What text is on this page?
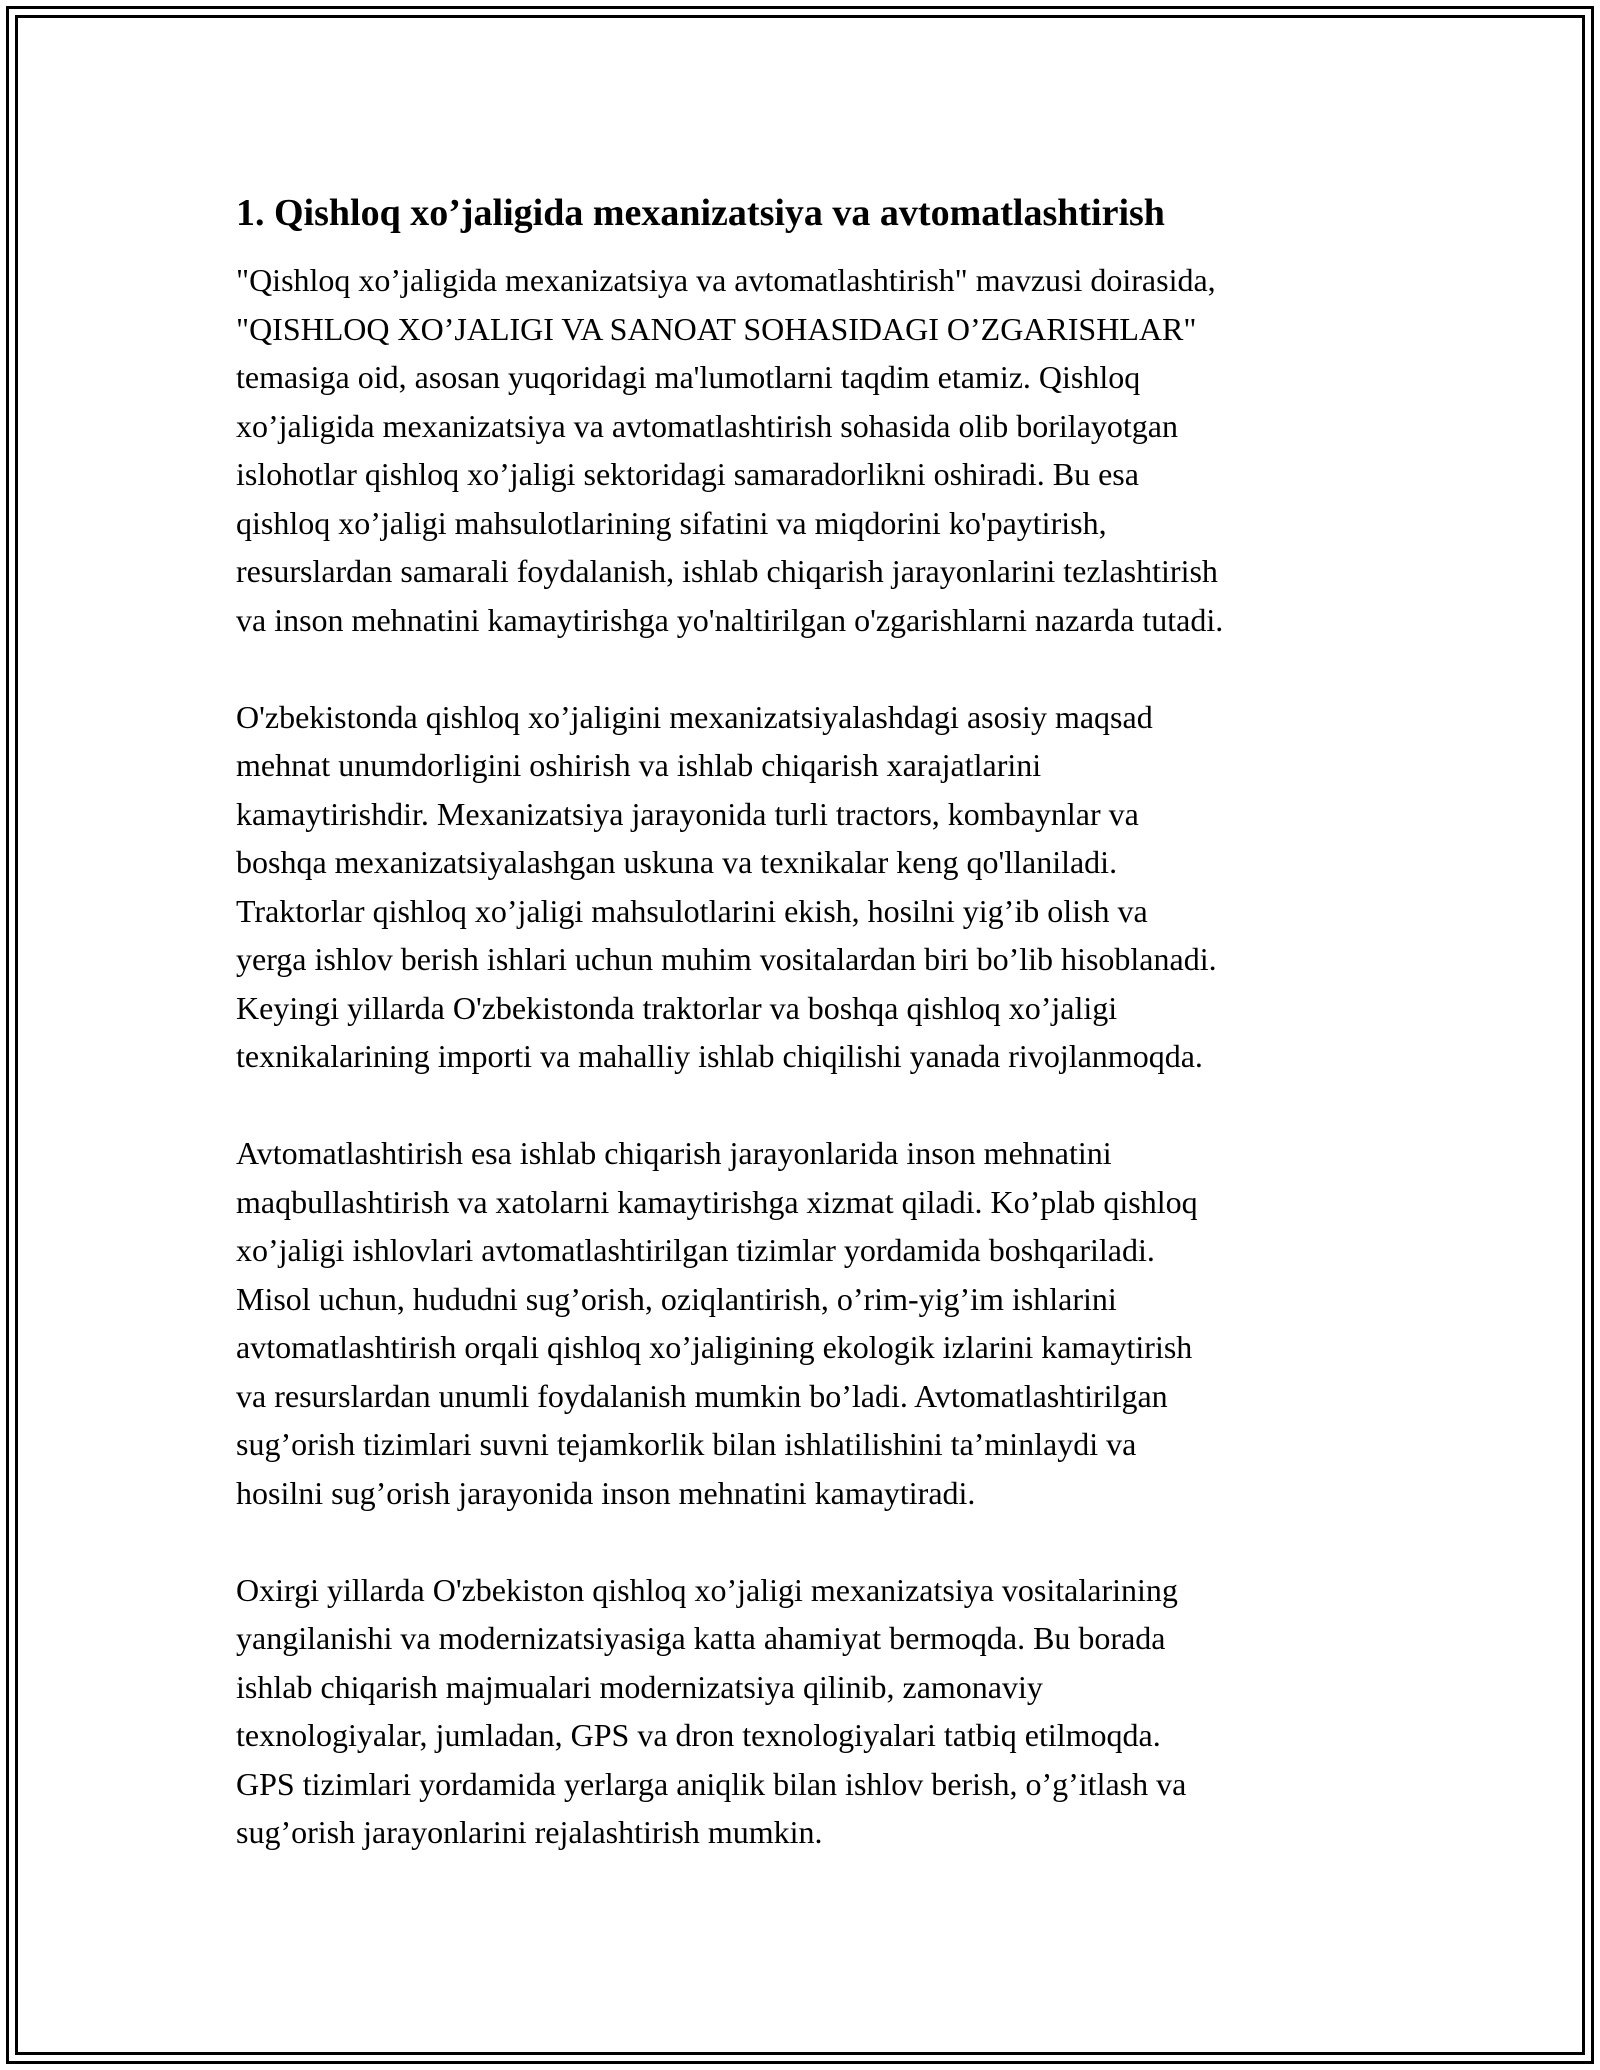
1. Qishloq xo’jaligida mexanizatsiya va avtomatlashtirish

"Qishloq xo’jaligida mexanizatsiya va avtomatlashtirish" mavzusi doirasida,
"QISHLOQ XO’JALIGI VA SANOAT SOHASIDAGI O’ZGARISHLAR"
temasiga oid, asosan yuqoridagi ma'lumotlarni taqdim etamiz. Qishloq
xo’jaligida mexanizatsiya va avtomatlashtirish sohasida olib borilayotgan
islohotlar qishloq xo’jaligi sektoridagi samaradorlikni oshiradi. Bu esa
qishloq xo’jaligi mahsulotlarining sifatini va miqdorini ko'paytirish,
resurslardan samarali foydalanish, ishlab chiqarish jarayonlarini tezlashtirish
va inson mehnatini kamaytirishga yo'naltirilgan o'zgarishlarni nazarda tutadi.

O'zbekistonda qishloq xo’jaligini mexanizatsiyalashdagi asosiy maqsad
mehnat unumdorligini oshirish va ishlab chiqarish xarajatlarini
kamaytirishdir. Mexanizatsiya jarayonida turli tractors, kombaynlar va
boshqa mexanizatsiyalashgan uskuna va texnikalar keng qo'llaniladi.
Traktorlar qishloq xo’jaligi mahsulotlarini ekish, hosilni yig’ib olish va
yerga ishlov berish ishlari uchun muhim vositalardan biri bo’lib hisoblanadi.
Keyingi yillarda O'zbekistonda traktorlar va boshqa qishloq xo’jaligi
texnikalarining importi va mahalliy ishlab chiqilishi yanada rivojlanmoqda.

Avtomatlashtirish esa ishlab chiqarish jarayonlarida inson mehnatini
maqbullashtirish va xatolarni kamaytirishga xizmat qiladi. Ko’plab qishloq
xo’jaligi ishlovlari avtomatlashtirilgan tizimlar yordamida boshqariladi.
Misol uchun, hududni sug’orish, oziqlantirish, o’rim-yig’im ishlarini
avtomatlashtirish orqali qishloq xo’jaligining ekologik izlarini kamaytirish
va resurslardan unumli foydalanish mumkin bo’ladi. Avtomatlashtirilgan
sug’orish tizimlari suvni tejamkorlik bilan ishlatilishini ta’minlaydi va
hosilni sug’orish jarayonida inson mehnatini kamaytiradi.

Oxirgi yillarda O'zbekiston qishloq xo’jaligi mexanizatsiya vositalarining
yangilanishi va modernizatsiyasiga katta ahamiyat bermoqda. Bu borada
ishlab chiqarish majmualari modernizatsiya qilinib, zamonaviy
texnologiyalar, jumladan, GPS va dron texnologiyalari tatbiq etilmoqda.
GPS tizimlari yordamida yerlarga aniqlik bilan ishlov berish, o’g’itlash va
sug’orish jarayonlarini rejalashtirish mumkin.
